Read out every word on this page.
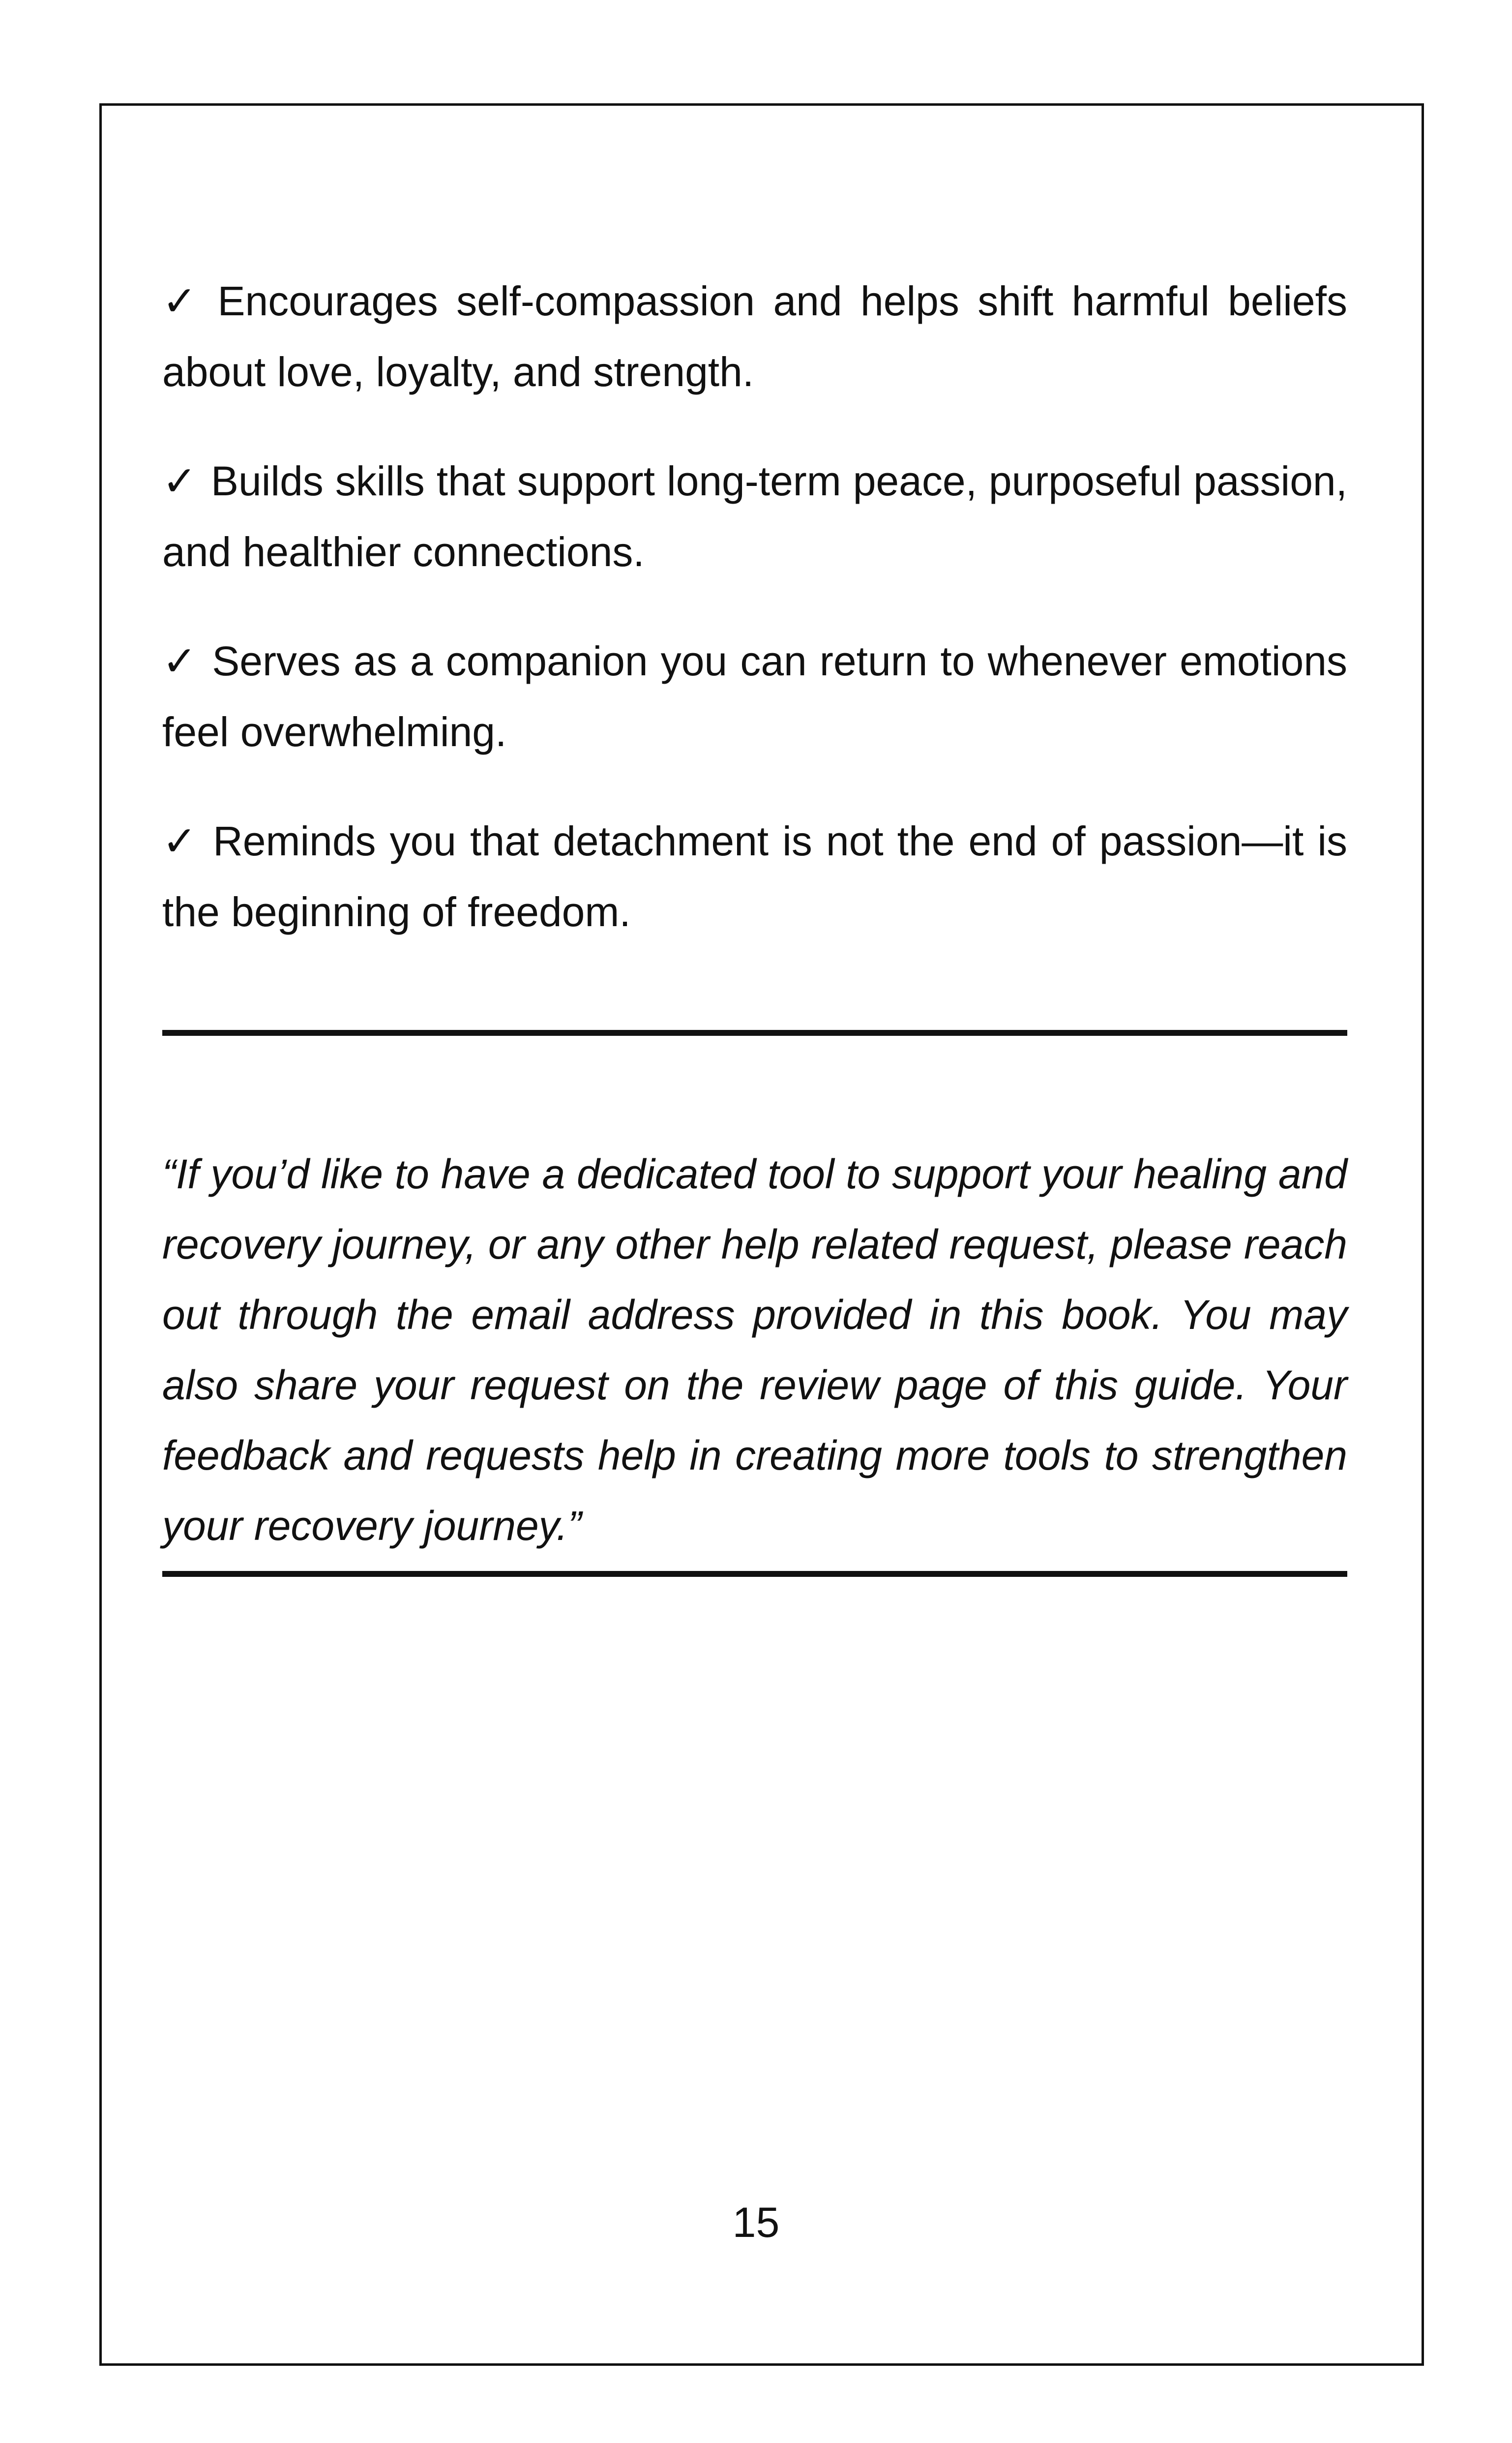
✓ Encourages self-compassion and helps shift harmful beliefs about love, loyalty, and strength.

✓ Builds skills that support long-term peace, purposeful passion, and healthier connections.

✓ Serves as a companion you can return to whenever emotions feel overwhelming.

✓ Reminds you that detachment is not the end of passion—it is the beginning of freedom.

“If you’d like to have a dedicated tool to support your healing and recovery journey, or any other help related request, please reach out through the email address provided in this book. You may also share your request on the review page of this guide. Your feedback and requests help in creating more tools to strengthen your recovery journey.”

15
